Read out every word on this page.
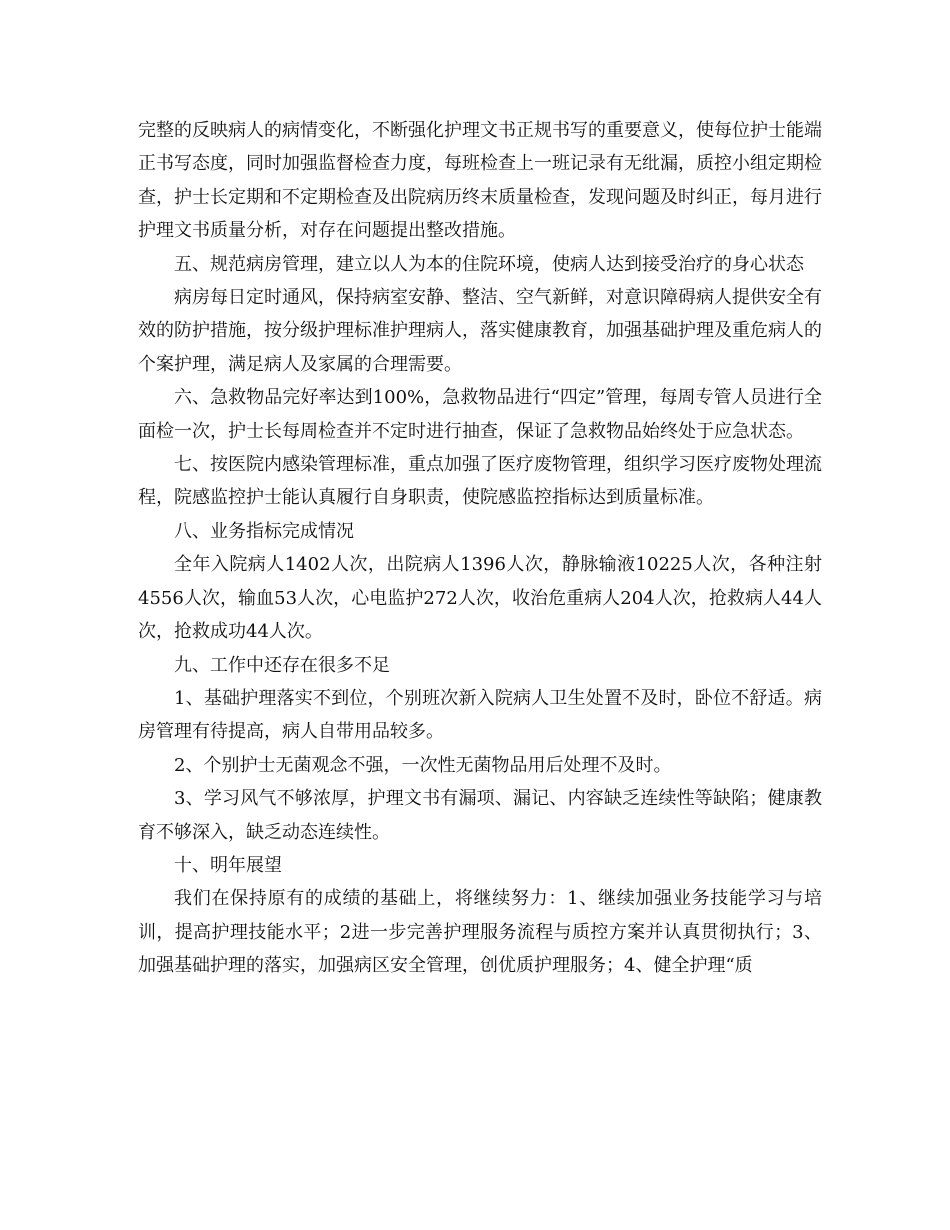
完整的反映病人的病情变化，不断强化护理文书正规书写的重要意义，使每位护士能端正书写态度，同时加强监督检查力度，每班检查上一班记录有无纰漏，质控小组定期检查，护士长定期和不定期检查及出院病历终末质量检查，发现问题及时纠正，每月进行护理文书质量分析，对存在问题提出整改措施。

五、规范病房管理，建立以人为本的住院环境，使病人达到接受治疗的身心状态

病房每日定时通风，保持病室安静、整洁、空气新鲜，对意识障碍病人提供安全有效的防护措施，按分级护理标准护理病人，落实健康教育，加强基础护理及重危病人的个案护理，满足病人及家属的合理需要。

六、急救物品完好率达到100%，急救物品进行“四定”管理，每周专管人员进行全面检一次，护士长每周检查并不定时进行抽查，保证了急救物品始终处于应急状态。

七、按医院内感染管理标准，重点加强了医疗废物管理，组织学习医疗废物处理流程，院感监控护士能认真履行自身职责，使院感监控指标达到质量标准。

八、业务指标完成情况

全年入院病人1402人次，出院病人1396人次，静脉输液10225人次，各种注射4556人次，输血53人次，心电监护272人次，收治危重病人204人次，抢救病人44人次，抢救成功44人次。

九、工作中还存在很多不足

1、基础护理落实不到位，个别班次新入院病人卫生处置不及时，卧位不舒适。病房管理有待提高，病人自带用品较多。

2、个别护士无菌观念不强，一次性无菌物品用后处理不及时。

3、学习风气不够浓厚，护理文书有漏项、漏记、内容缺乏连续性等缺陷；健康教育不够深入，缺乏动态连续性。

十、明年展望

我们在保持原有的成绩的基础上，将继续努力：1、继续加强业务技能学习与培训，提高护理技能水平；2进一步完善护理服务流程与质控方案并认真贯彻执行；3、加强基础护理的落实，加强病区安全管理，创优质护理服务；4、健全护理“质
